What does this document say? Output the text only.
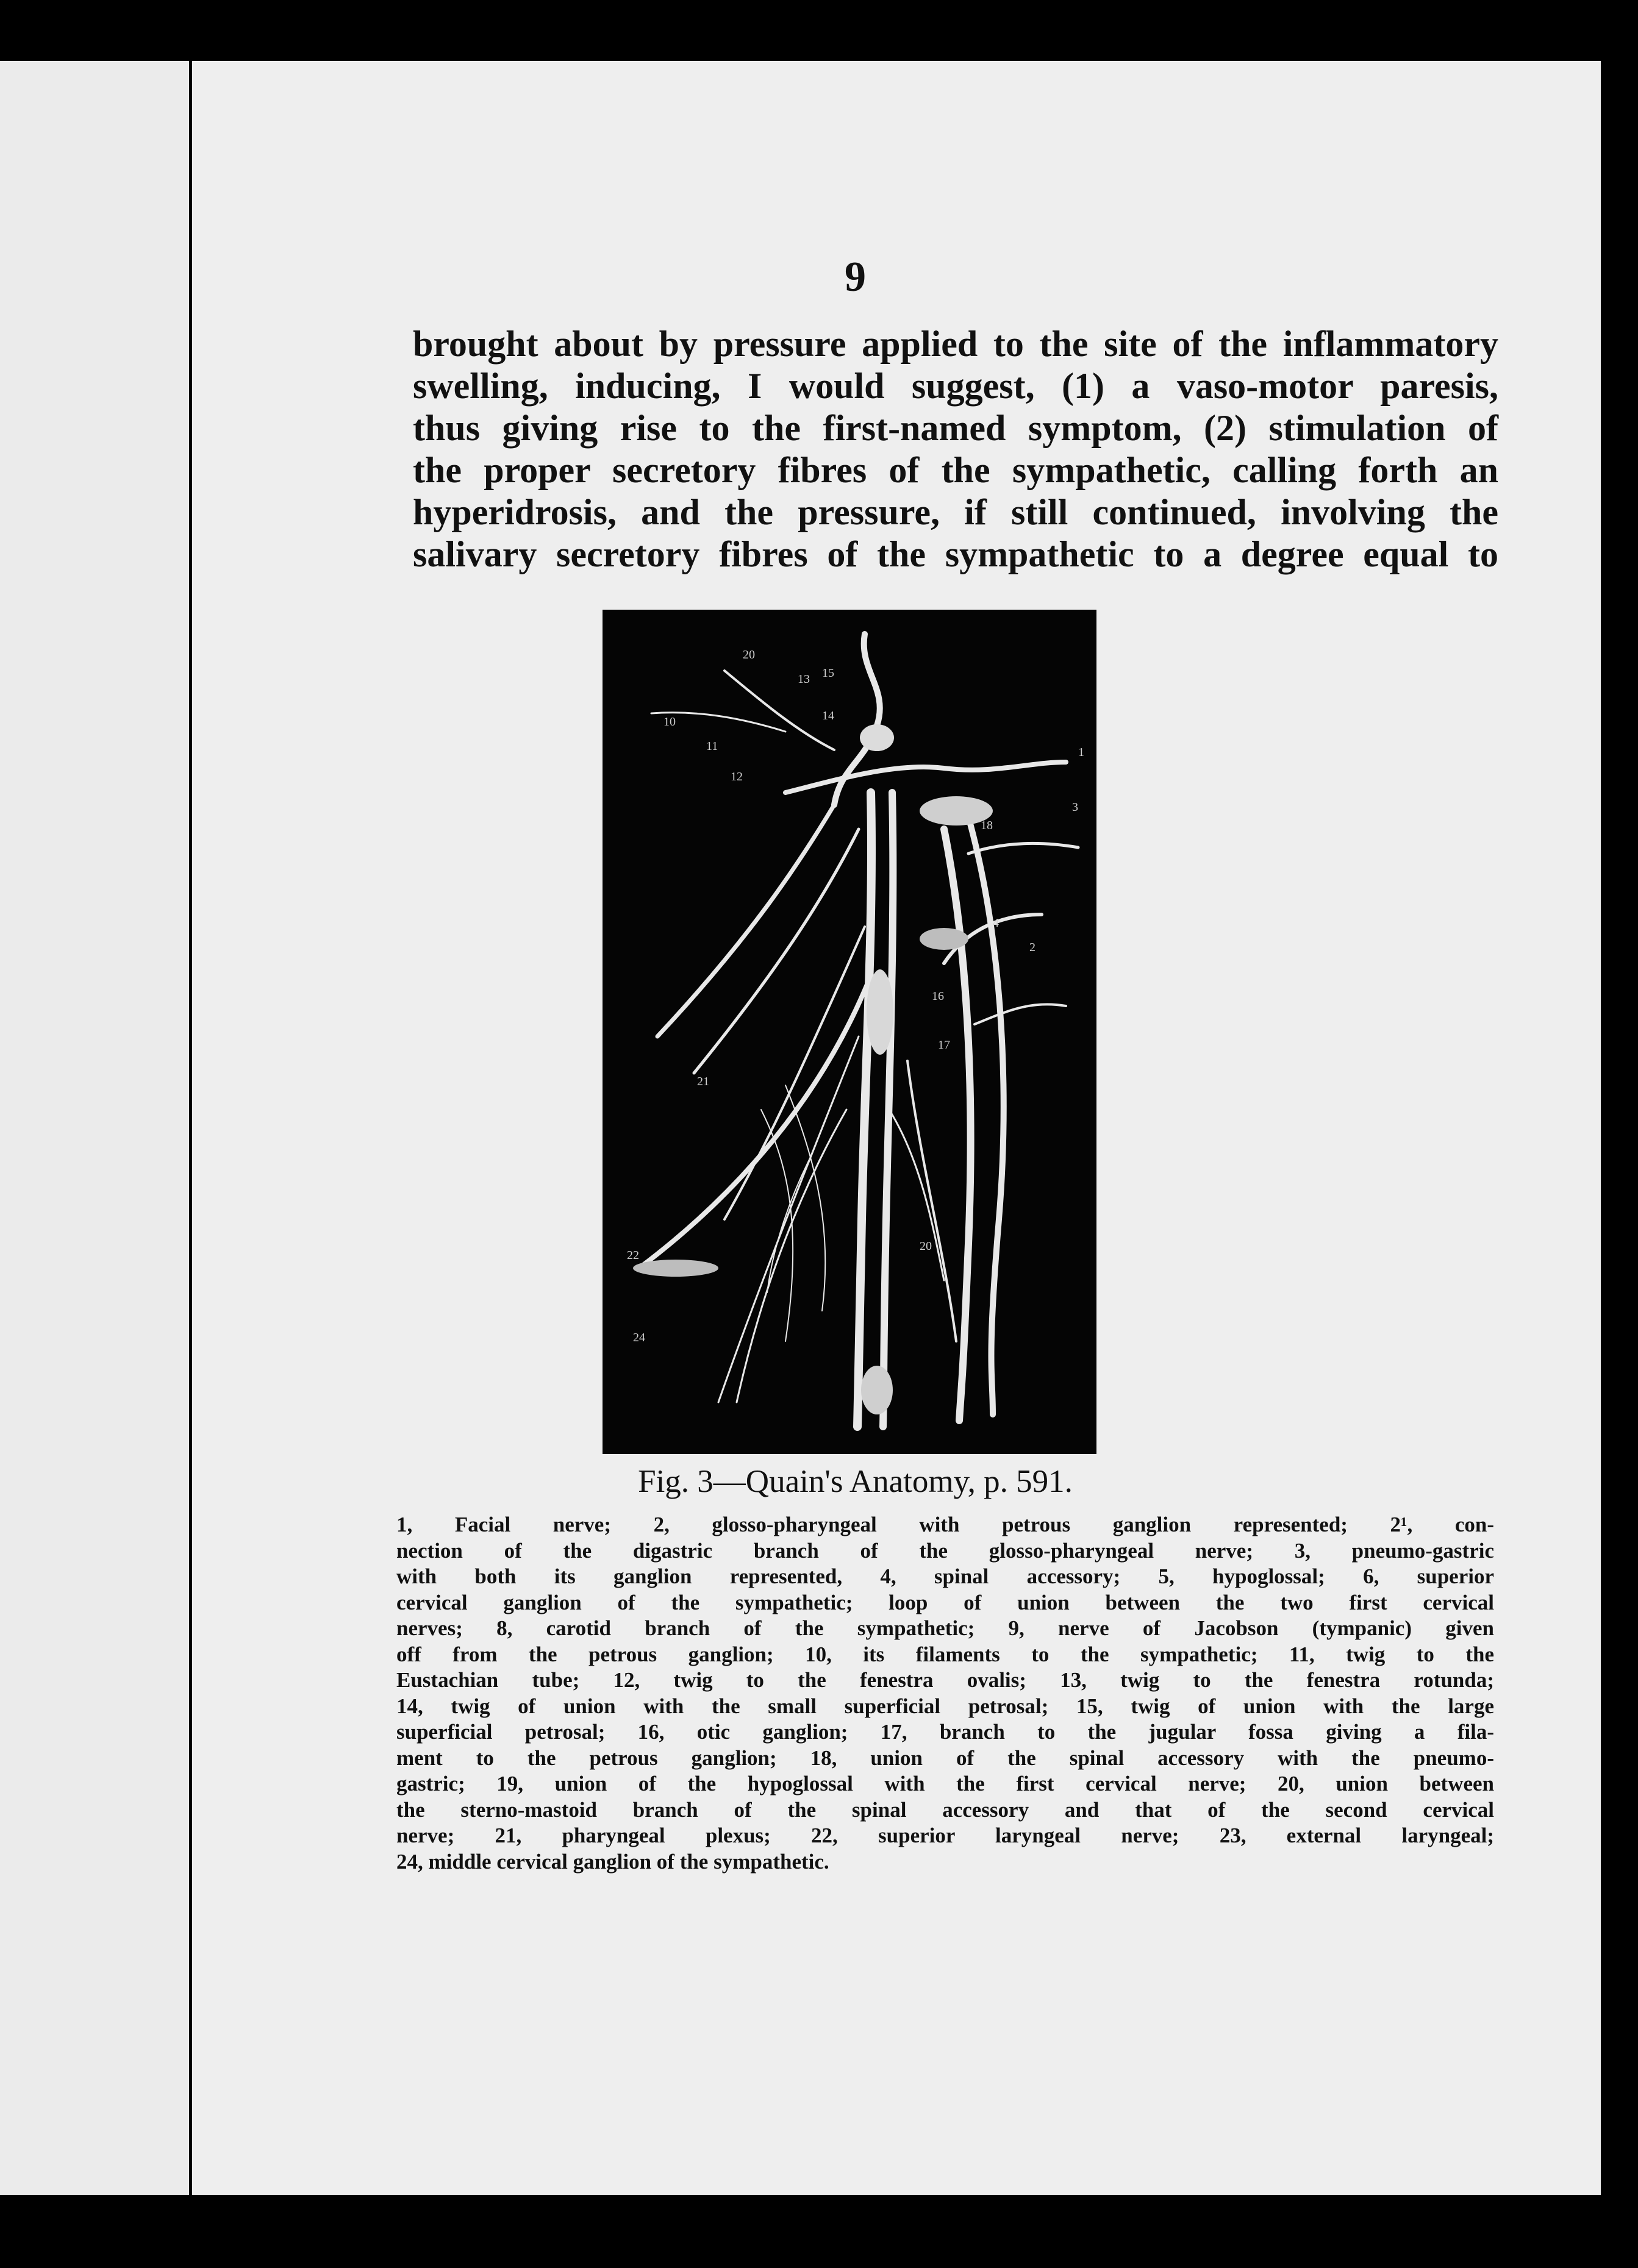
9
brought about by pressure applied to the site of the inflammatory
swelling, inducing, I would suggest, (1) a vaso-motor paresis,
thus giving rise to the first-named symptom, (2) stimulation of
the proper secretory fibres of the sympathetic, calling forth an
hyperidrosis, and the pressure, if still continued, involving the
salivary secretory fibres of the sympathetic to a degree equal to
20
1
3
18
10
11
12
13
14
15
16
17
21
20
22
24
4
2
Fig. 3—Quain's Anatomy, p. 591.
1, Facial nerve; 2, glosso-pharyngeal with petrous ganglion represented; 2¹, con-
nection of the digastric branch of the glosso-pharyngeal nerve; 3, pneumo-gastric
with both its ganglion represented, 4, spinal accessory; 5, hypoglossal; 6, superior
cervical ganglion of the sympathetic; loop of union between the two first cervical
nerves; 8, carotid branch of the sympathetic; 9, nerve of Jacobson (tympanic) given
off from the petrous ganglion; 10, its filaments to the sympathetic; 11, twig to the
Eustachian tube; 12, twig to the fenestra ovalis; 13, twig to the fenestra rotunda;
14, twig of union with the small superficial petrosal; 15, twig of union with the large
superficial petrosal; 16, otic ganglion; 17, branch to the jugular fossa giving a fila-
ment to the petrous ganglion; 18, union of the spinal accessory with the pneumo-
gastric; 19, union of the hypoglossal with the first cervical nerve; 20, union between
the sterno-mastoid branch of the spinal accessory and that of the second cervical
nerve; 21, pharyngeal plexus; 22, superior laryngeal nerve; 23, external laryngeal;
24, middle cervical ganglion of the sympathetic.
